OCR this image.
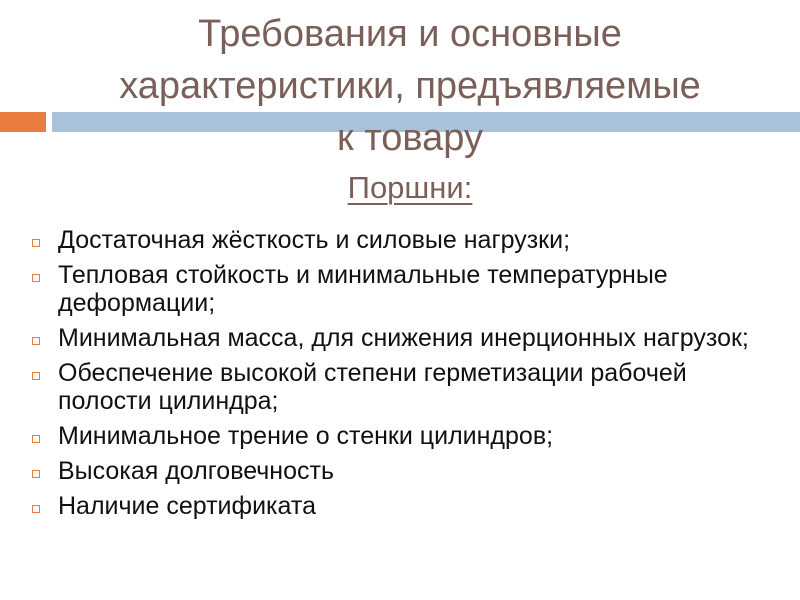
Требования и основные
характеристики, предъявляемые
к товару
Поршни:
Достаточная жёсткость и силовые нагрузки;
Тепловая стойкость и минимальные температурные деформации;
Минимальная масса, для снижения инерционных нагрузок;
Обеспечение высокой степени герметизации рабочей полости цилиндра;
Минимальное трение о стенки цилиндров;
Высокая долговечность
Наличие сертификата
